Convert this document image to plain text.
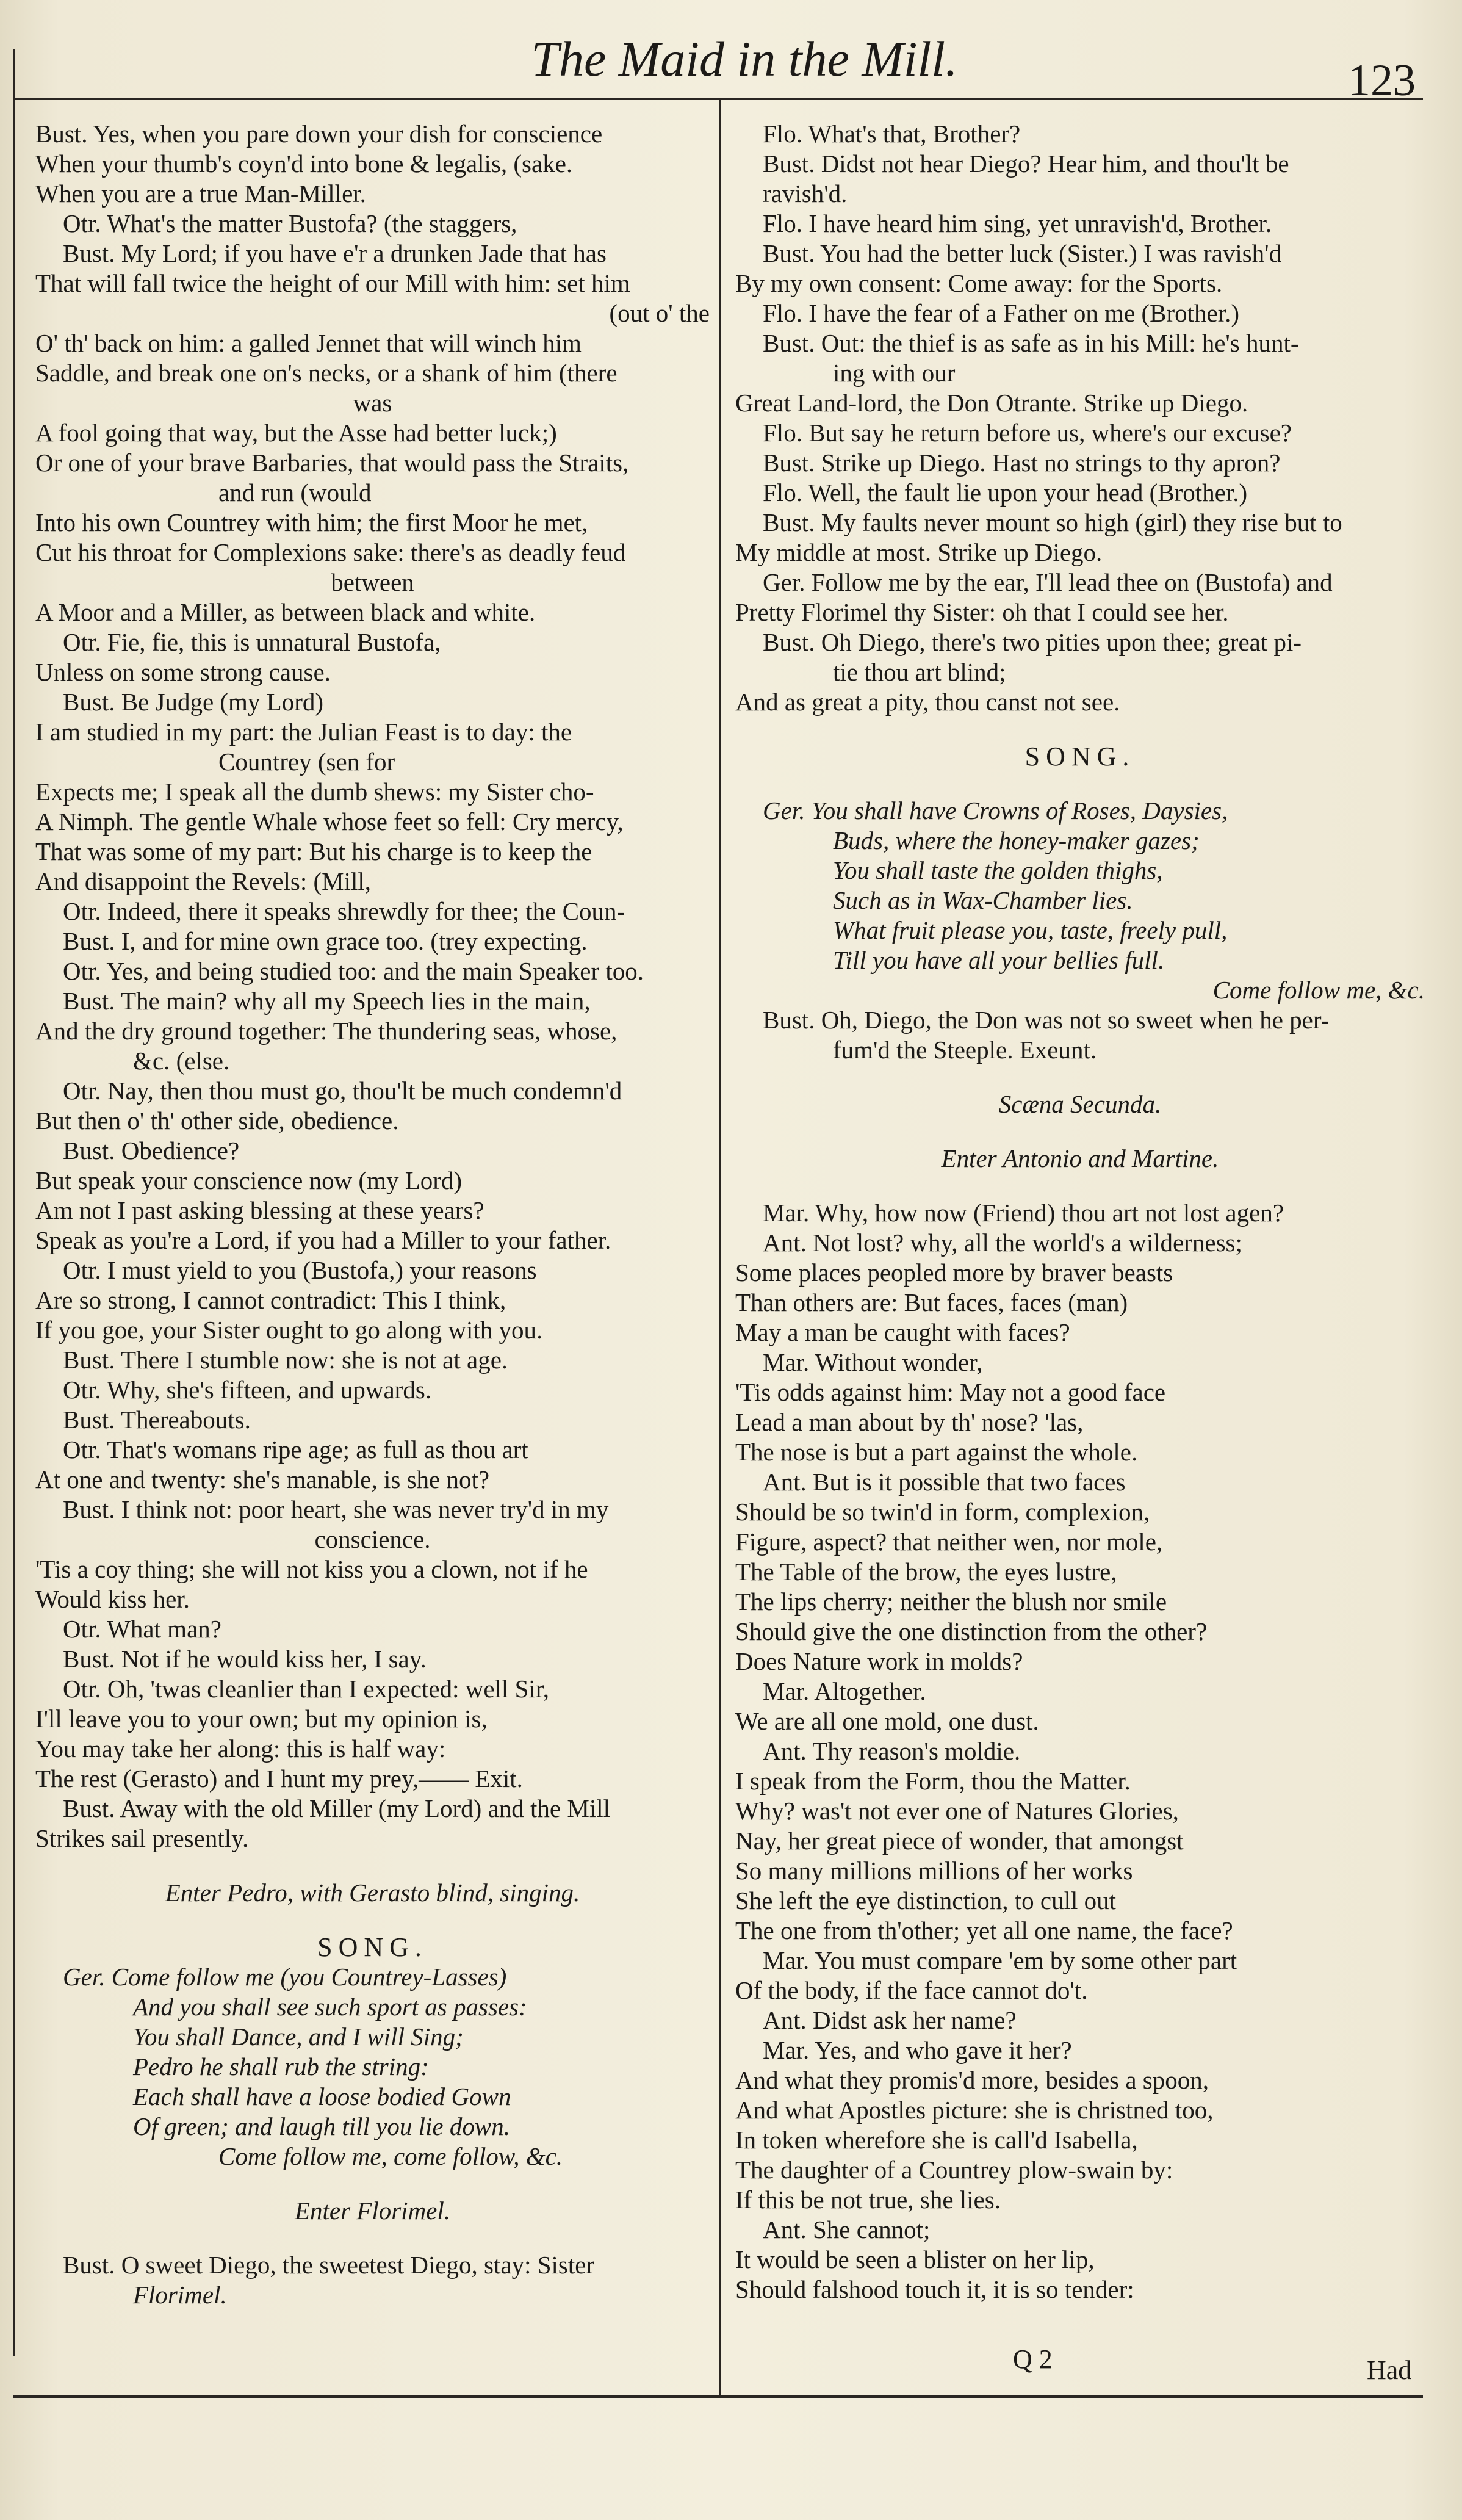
The Maid in the Mill.	123
Bust. Yes, when you pare down your dish for conscience
When your thumb's coyn'd into bone & legalis, (sake.
When you are a true Man-Miller.
Otr. What's the matter Bustofa? (the staggers,
Bust. My Lord; if you have e'r a drunken Jade that has
That will fall twice the height of our Mill with him: set him
(out o' the
O' th' back on him: a galled Jennet that will winch him
Saddle, and break one on's necks, or a shank of him (there
was
A fool going that way, but the Asse had better luck;)
Or one of your brave Barbaries, that would pass the Straits,
and run (would
Into his own Countrey with him; the first Moor he met,
Cut his throat for Complexions sake: there's as deadly feud
between
A Moor and a Miller, as between black and white.
Otr. Fie, fie, this is unnatural Bustofa,
Unless on some strong cause.
Bust. Be Judge (my Lord)
I am studied in my part: the Julian Feast is to day: the
Countrey (sen for
Expects me; I speak all the dumb shews: my Sister cho-
A Nimph. The gentle Whale whose feet so fell: Cry mercy,
That was some of my part: But his charge is to keep the
And disappoint the Revels: (Mill,
Otr. Indeed, there it speaks shrewdly for thee; the Coun-
Bust. I, and for mine own grace too. (trey expecting.
Otr. Yes, and being studied too: and the main Speaker too.
Bust. The main? why all my Speech lies in the main,
And the dry ground together: The thundering seas, whose,
&c. (else.
Otr. Nay, then thou must go, thou'lt be much condemn'd
But then o' th' other side, obedience.
Bust. Obedience?
But speak your conscience now (my Lord)
Am not I past asking blessing at these years?
Speak as you're a Lord, if you had a Miller to your father.
Otr. I must yield to you (Bustofa,) your reasons
Are so strong, I cannot contradict: This I think,
If you goe, your Sister ought to go along with you.
Bust. There I stumble now: she is not at age.
Otr. Why, she's fifteen, and upwards.
Bust. Thereabouts.
Otr. That's womans ripe age; as full as thou art
At one and twenty: she's manable, is she not?
Bust. I think not: poor heart, she was never try'd in my
conscience.
'Tis a coy thing; she will not kiss you a clown, not if he
Would kiss her.
Otr. What man?
Bust. Not if he would kiss her, I say.
Otr. Oh, 'twas cleanlier than I expected: well Sir,
I'll leave you to your own; but my opinion is,
You may take her along: this is half way:
The rest (Gerasto) and I hunt my prey,—— Exit.
Bust. Away with the old Miller (my Lord) and the Mill
Strikes sail presently.
Enter Pedro, with Gerasto blind, singing.
SONG.
Ger. Come follow me (you Countrey-Lasses)
And you shall see such sport as passes:
You shall Dance, and I will Sing;
Pedro he shall rub the string:
Each shall have a loose bodied Gown
Of green; and laugh till you lie down.
Come follow me, come follow, &c.
Enter Florimel.
Bust. O sweet Diego, the sweetest Diego, stay: Sister
Florimel.
Flo. What's that, Brother?
Bust. Didst not hear Diego? Hear him, and thou'lt be
ravish'd.
Flo. I have heard him sing, yet unravish'd, Brother.
Bust. You had the better luck (Sister.) I was ravish'd
By my own consent: Come away: for the Sports.
Flo. I have the fear of a Father on me (Brother.)
Bust. Out: the thief is as safe as in his Mill: he's hunt-
ing with our
Great Land-lord, the Don Otrante. Strike up Diego.
Flo. But say he return before us, where's our excuse?
Bust. Strike up Diego. Hast no strings to thy apron?
Flo. Well, the fault lie upon your head (Brother.)
Bust. My faults never mount so high (girl) they rise but to
My middle at most. Strike up Diego.
Ger. Follow me by the ear, I'll lead thee on (Bustofa) and
Pretty Florimel thy Sister: oh that I could see her.
Bust. Oh Diego, there's two pities upon thee; great pi-
tie thou art blind;
And as great a pity, thou canst not see.
SONG.
Ger. You shall have Crowns of Roses, Daysies,
Buds, where the honey-maker gazes;
You shall taste the golden thighs,
Such as in Wax-Chamber lies.
What fruit please you, taste, freely pull,
Till you have all your bellies full.
Come follow me, &c.
Bust. Oh, Diego, the Don was not so sweet when he per-
fum'd the Steeple. Exeunt.
Scæna Secunda.
Enter Antonio and Martine.
Mar. Why, how now (Friend) thou art not lost agen?
Ant. Not lost? why, all the world's a wilderness;
Some places peopled more by braver beasts
Than others are: But faces, faces (man)
May a man be caught with faces?
Mar. Without wonder,
'Tis odds against him: May not a good face
Lead a man about by th' nose? 'las,
The nose is but a part against the whole.
Ant. But is it possible that two faces
Should be so twin'd in form, complexion,
Figure, aspect? that neither wen, nor mole,
The Table of the brow, the eyes lustre,
The lips cherry; neither the blush nor smile
Should give the one distinction from the other?
Does Nature work in molds?
Mar. Altogether.
We are all one mold, one dust.
Ant. Thy reason's moldie.
I speak from the Form, thou the Matter.
Why? was't not ever one of Natures Glories,
Nay, her great piece of wonder, that amongst
So many millions millions of her works
She left the eye distinction, to cull out
The one from th'other; yet all one name, the face?
Mar. You must compare 'em by some other part
Of the body, if the face cannot do't.
Ant. Didst ask her name?
Mar. Yes, and who gave it her?
And what they promis'd more, besides a spoon,
And what Apostles picture: she is christned too,
In token wherefore she is call'd Isabella,
The daughter of a Countrey plow-swain by:
If this be not true, she lies.
Ant. She cannot;
It would be seen a blister on her lip,
Should falshood touch it, it is so tender:
Q 2	Had
